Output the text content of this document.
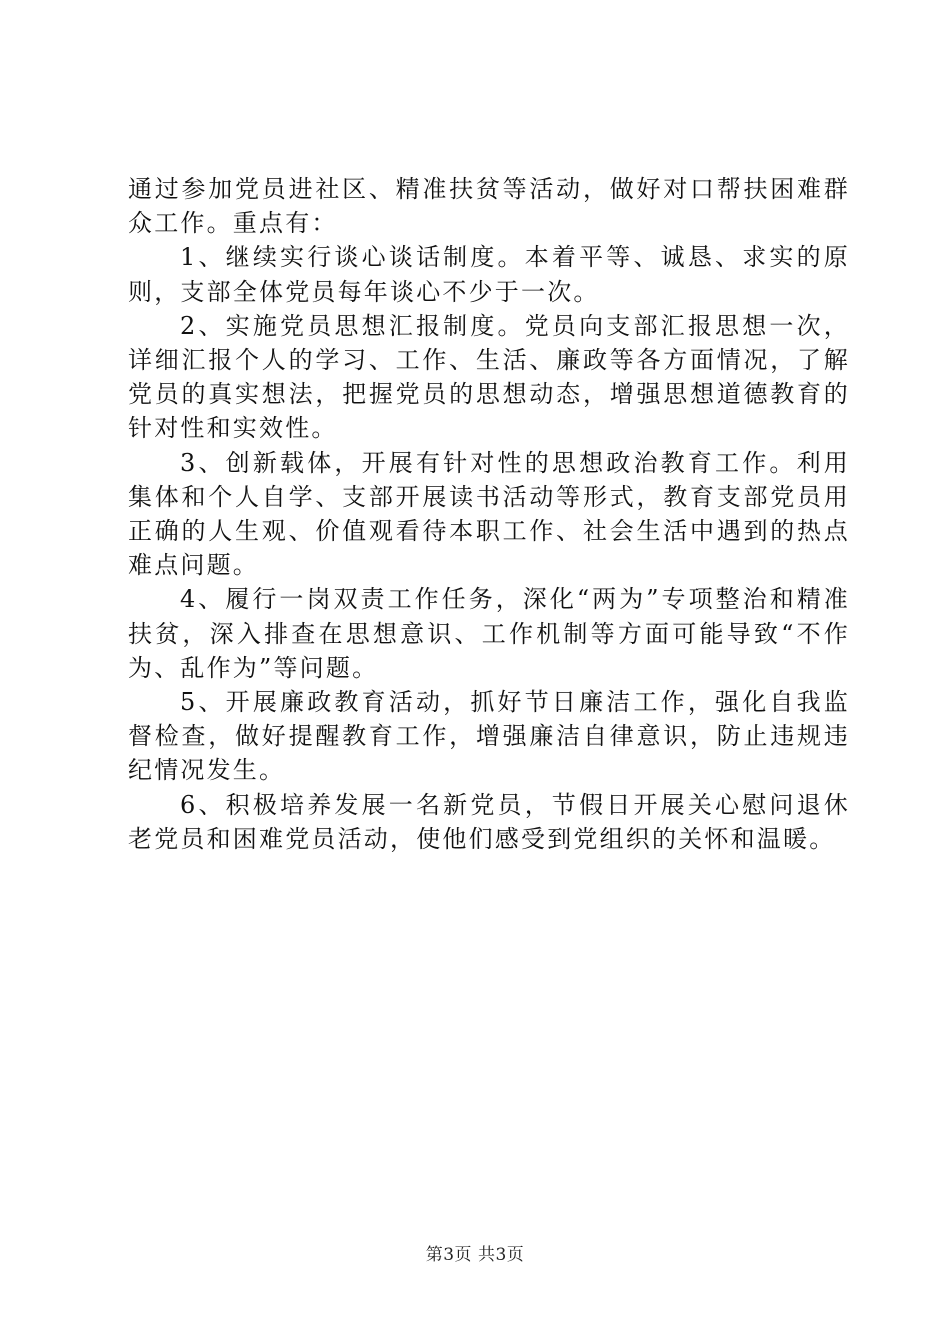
通过参加党员进社区、精准扶贫等活动，做好对口帮扶困难群众工作。重点有：

1、继续实行谈心谈话制度。本着平等、诚恳、求实的原则，支部全体党员每年谈心不少于一次。

2、实施党员思想汇报制度。党员向支部汇报思想一次，详细汇报个人的学习、工作、生活、廉政等各方面情况，了解党员的真实想法，把握党员的思想动态，增强思想道德教育的针对性和实效性。

3、创新载体，开展有针对性的思想政治教育工作。利用集体和个人自学、支部开展读书活动等形式，教育支部党员用正确的人生观、价值观看待本职工作、社会生活中遇到的热点难点问题。

4、履行一岗双责工作任务，深化“两为”专项整治和精准扶贫，深入排查在思想意识、工作机制等方面可能导致“不作为、乱作为”等问题。

5、开展廉政教育活动，抓好节日廉洁工作，强化自我监督检查，做好提醒教育工作，增强廉洁自律意识，防止违规违纪情况发生。

6、积极培养发展一名新党员，节假日开展关心慰问退休老党员和困难党员活动，使他们感受到党组织的关怀和温暖。

第3页 共3页
